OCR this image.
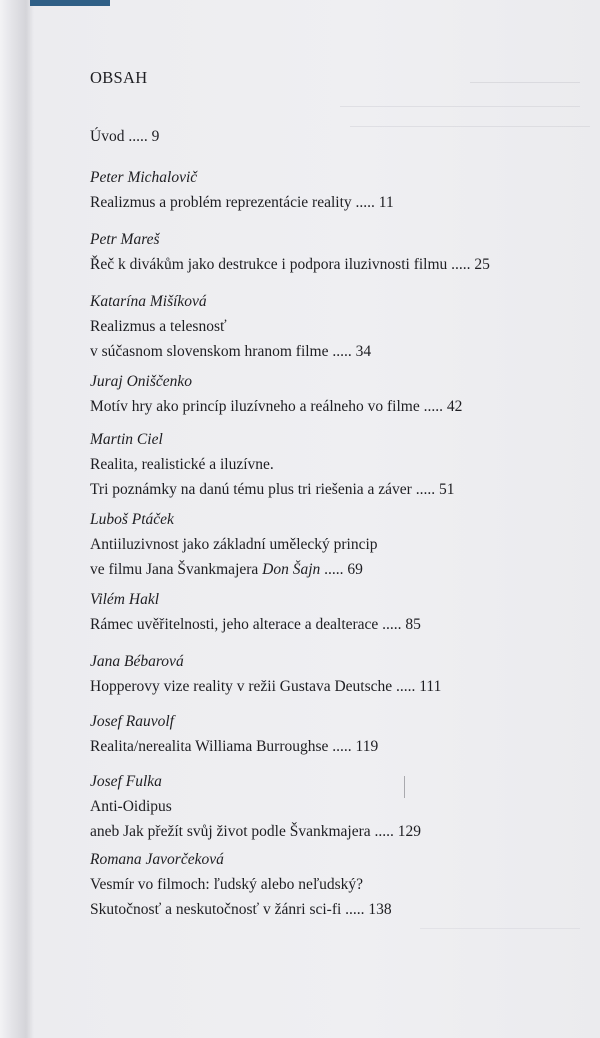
OBSAH
Úvod ..... 9
Peter Michalovič
Realizmus a problém reprezentácie reality ..... 11
Petr Mareš
Řeč k divákům jako destrukce i podpora iluzivnosti filmu ..... 25
Katarína Mišíková
Realizmus a telesnosť
v súčasnom slovenskom hranom filme ..... 34
Juraj Oniščenko
Motív hry ako princíp iluzívneho a reálneho vo filme ..... 42
Martin Ciel
Realita, realistické a iluzívne.
Tri poznámky na danú tému plus tri riešenia a záver ..... 51
Luboš Ptáček
Antiiluzivnost jako základní umělecký princip
ve filmu Jana Švankmajera Don Šajn ..... 69
Vilém Hakl
Rámec uvěřitelnosti, jeho alterace a dealterace ..... 85
Jana Bébarová
Hopperovy vize reality v režii Gustava Deutsche ..... 111
Josef Rauvolf
Realita/nerealita Williama Burroughse ..... 119
Josef Fulka
Anti-Oidipus
aneb Jak přežít svůj život podle Švankmajera ..... 129
Romana Javorčeková
Vesmír vo filmoch: ľudský alebo neľudský?
Skutočnosť a neskutočnosť v žánri sci-fi ..... 138
